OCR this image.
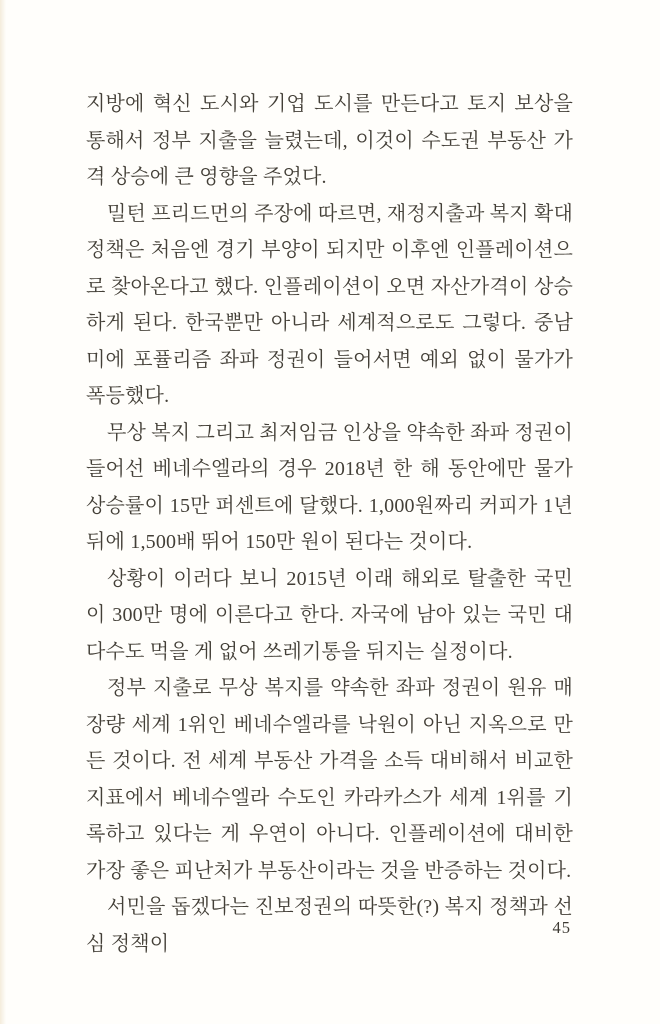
지방에 혁신 도시와 기업 도시를 만든다고 토지 보상을 통해서 정부 지출을 늘렸는데, 이것이 수도권 부동산 가격 상승에 큰 영향을 주었다.

밀턴 프리드먼의 주장에 따르면, 재정지출과 복지 확대 정책은 처음엔 경기 부양이 되지만 이후엔 인플레이션으로 찾아온다고 했다. 인플레이션이 오면 자산가격이 상승하게 된다. 한국뿐만 아니라 세계적으로도 그렇다. 중남미에 포퓰리즘 좌파 정권이 들어서면 예외 없이 물가가 폭등했다.

무상 복지 그리고 최저임금 인상을 약속한 좌파 정권이 들어선 베네수엘라의 경우 2018년 한 해 동안에만 물가상승률이 15만 퍼센트에 달했다. 1,000원짜리 커피가 1년 뒤에 1,500배 뛰어 150만 원이 된다는 것이다.

상황이 이러다 보니 2015년 이래 해외로 탈출한 국민이 300만 명에 이른다고 한다. 자국에 남아 있는 국민 대다수도 먹을 게 없어 쓰레기통을 뒤지는 실정이다.

정부 지출로 무상 복지를 약속한 좌파 정권이 원유 매장량 세계 1위인 베네수엘라를 낙원이 아닌 지옥으로 만든 것이다. 전 세계 부동산 가격을 소득 대비해서 비교한 지표에서 베네수엘라 수도인 카라카스가 세계 1위를 기록하고 있다는 게 우연이 아니다. 인플레이션에 대비한 가장 좋은 피난처가 부동산이라는 것을 반증하는 것이다.

서민을 돕겠다는 진보정권의 따뜻한(?) 복지 정책과 선심 정책이

45
